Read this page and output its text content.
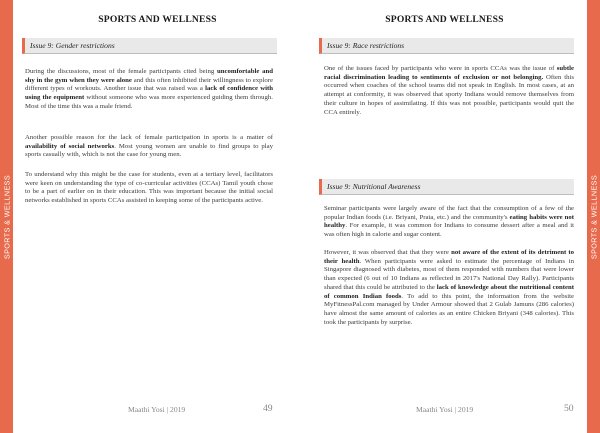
SPORTS & WELLNESS
SPORTS AND WELLNESS
Issue 9: Gender restrictions

During the discussions, most of the female participants cited being uncomfortable and shy in the gym when they were alone and this often inhibited their willingness to explore different types of workouts. Another issue that was raised was a lack of confidence with using the equipment without someone who was more experienced guiding them through. Most of the time this was a male friend.

Another possible reason for the lack of female participation in sports is a matter of availability of social networks. Most young women are unable to find groups to play sports casually with, which is not the case for young men.

To understand why this might be the case for students, even at a tertiary level, facilitators were keen on understanding the type of co-curricular activities (CCAs) Tamil youth chose to be a part of earlier on in their education. This was important because the initial social networks established in sports CCAs assisted in keeping some of the participants active.

Maathi Yosi | 2019	49
SPORTS AND WELLNESS
Issue 9: Race restrictions

One of the issues faced by participants who were in sports CCAs was the issue of subtle racial discrimination leading to sentiments of exclusion or not belonging. Often this occurred when coaches of the school teams did not speak in English. In most cases, at an attempt at conformity, it was observed that sporty Indians would remove themselves from their culture in hopes of assimilating. If this was not possible, participants would quit the CCA entirely.

Issue 9: Nutritional Awareness

Seminar participants were largely aware of the fact that the consumption of a few of the popular Indian foods (i.e. Briyani, Prata, etc.) and the community's eating habits were not healthy. For example, it was common for Indians to consume dessert after a meal and it was often high in calorie and sugar content.

However, it was observed that that they were not aware of the extent of its detriment to their health. When participants were asked to estimate the percentage of Indians in Singapore diagnosed with diabetes, most of them responded with numbers that were lower than expected (6 out of 10 Indians as reflected in 2017's National Day Rally). Participants shared that this could be attributed to the lack of knowledge about the nutritional content of common Indian foods. To add to this point, the information from the website MyFitnessPal.com managed by Under Armour showed that 2 Gulab Jamuns (286 calories) have almost the same amount of calories as an entire Chicken Briyani (348 calories). This took the participants by surprise.

Maathi Yosi | 2019	50
SPORTS & WELLNESS
